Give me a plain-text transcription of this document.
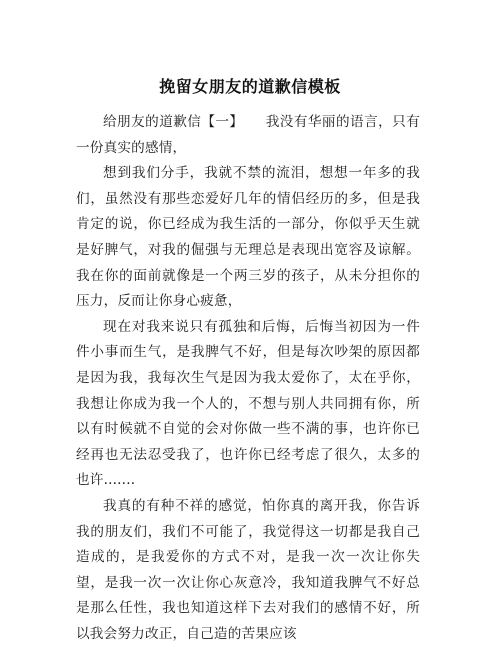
挽留女朋友的道歉信模板

给朋友的道歉信【一】 我没有华丽的语言，只有一份真实的感情，

想到我们分手，我就不禁的流泪，想想一年多的我们，虽然没有那些恋爱好几年的情侣经历的多，但是我肯定的说，你已经成为我生活的一部分，你似乎天生就是好脾气，对我的倔强与无理总是表现出宽容及谅解。我在你的面前就像是一个两三岁的孩子，从未分担你的压力，反而让你身心疲惫，

现在对我来说只有孤独和后悔，后悔当初因为一件件小事而生气，是我脾气不好，但是每次吵架的原因都是因为我，我每次生气是因为我太爱你了，太在乎你，我想让你成为我一个人的，不想与别人共同拥有你，所以有时候就不自觉的会对你做一些不满的事，也许你已经再也无法忍受我了，也许你已经考虑了很久，太多的也许.......

我真的有种不祥的感觉，怕你真的离开我，你告诉我的朋友们，我们不可能了，我觉得这一切都是我自己造成的，是我爱你的方式不对，是我一次一次让你失望，是我一次一次让你心灰意冷，我知道我脾气不好总是那么任性，我也知道这样下去对我们的感情不好，所以我会努力改正，自己造的苦果应该
